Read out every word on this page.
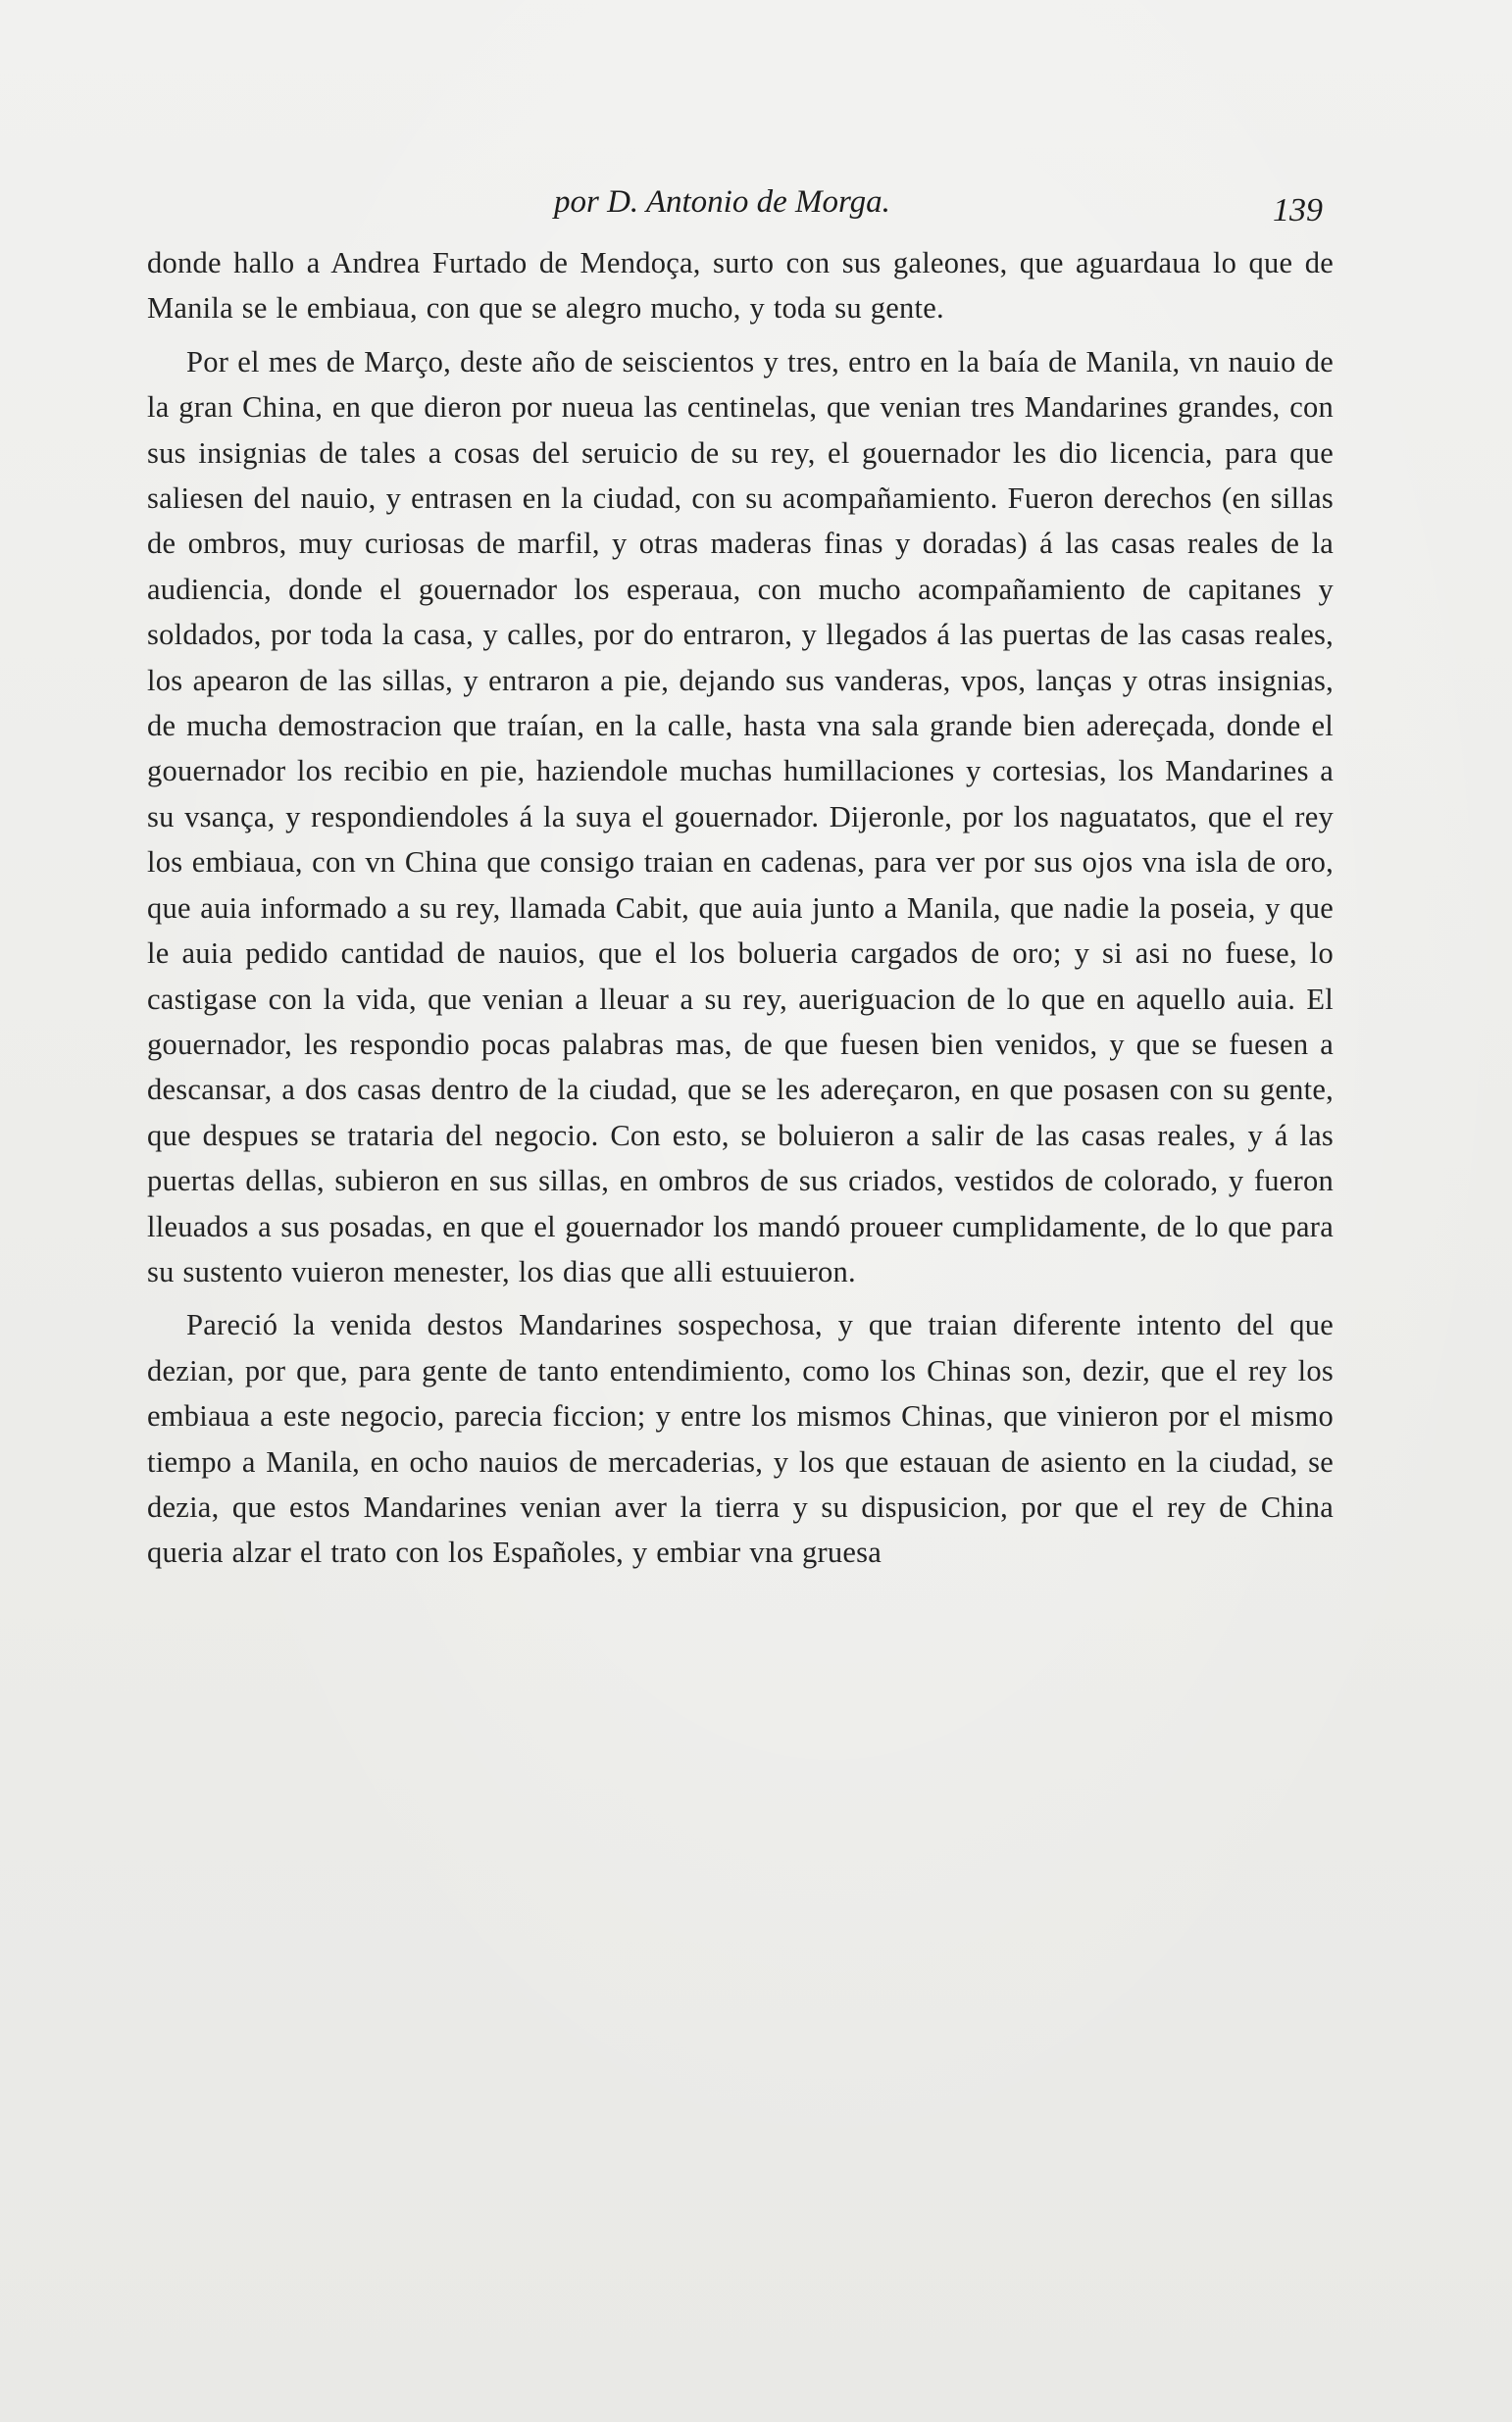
por D. Antonio de Morga.	139

donde hallo a Andrea Furtado de Mendoça, surto con sus galeones, que aguardaua lo que de Manila se le embiaua, con que se alegro mucho, y toda su gente.

Por el mes de Março, deste año de seiscientos y tres, entro en la baía de Manila, vn nauio de la gran China, en que dieron por nueua las centinelas, que venian tres Mandarines grandes, con sus insignias de tales a cosas del seruicio de su rey, el gouernador les dio licencia, para que saliesen del nauio, y entrasen en la ciudad, con su acompañamiento. Fueron derechos (en sillas de ombros, muy curiosas de marfil, y otras maderas finas y doradas) á las casas reales de la audiencia, donde el gouernador los esperaua, con mucho acompañamiento de capitanes y soldados, por toda la casa, y calles, por do entraron, y llegados á las puertas de las casas reales, los apearon de las sillas, y entraron a pie, dejando sus vanderas, vpos, lanças y otras insignias, de mucha demostracion que traían, en la calle, hasta vna sala grande bien adereçada, donde el gouernador los recibio en pie, haziendole muchas humillaciones y cortesias, los Mandarines a su vsança, y respondiendoles á la suya el gouernador. Dijeronle, por los naguatatos, que el rey los embiaua, con vn China que consigo traian en cadenas, para ver por sus ojos vna isla de oro, que auia informado a su rey, llamada Cabit, que auia junto a Manila, que nadie la poseia, y que le auia pedido cantidad de nauios, que el los bolueria cargados de oro; y si asi no fuese, lo castigase con la vida, que venian a lleuar a su rey, aueriguacion de lo que en aquello auia. El gouernador, les respondio pocas palabras mas, de que fuesen bien venidos, y que se fuesen a descansar, a dos casas dentro de la ciudad, que se les adereçaron, en que posasen con su gente, que despues se trataria del negocio. Con esto, se boluieron a salir de las casas reales, y á las puertas dellas, subieron en sus sillas, en ombros de sus criados, vestidos de colorado, y fueron lleuados a sus posadas, en que el gouernador los mandó proueer cumplidamente, de lo que para su sustento vuieron menester, los dias que alli estuuieron.

Pareció la venida destos Mandarines sospechosa, y que traian diferente intento del que dezian, por que, para gente de tanto entendimiento, como los Chinas son, dezir, que el rey los embiaua a este negocio, parecia ficcion; y entre los mismos Chinas, que vinieron por el mismo tiempo a Manila, en ocho nauios de mercaderias, y los que estauan de asiento en la ciudad, se dezia, que estos Mandarines venian aver la tierra y su dispusicion, por que el rey de China queria alzar el trato con los Españoles, y embiar vna gruesa
